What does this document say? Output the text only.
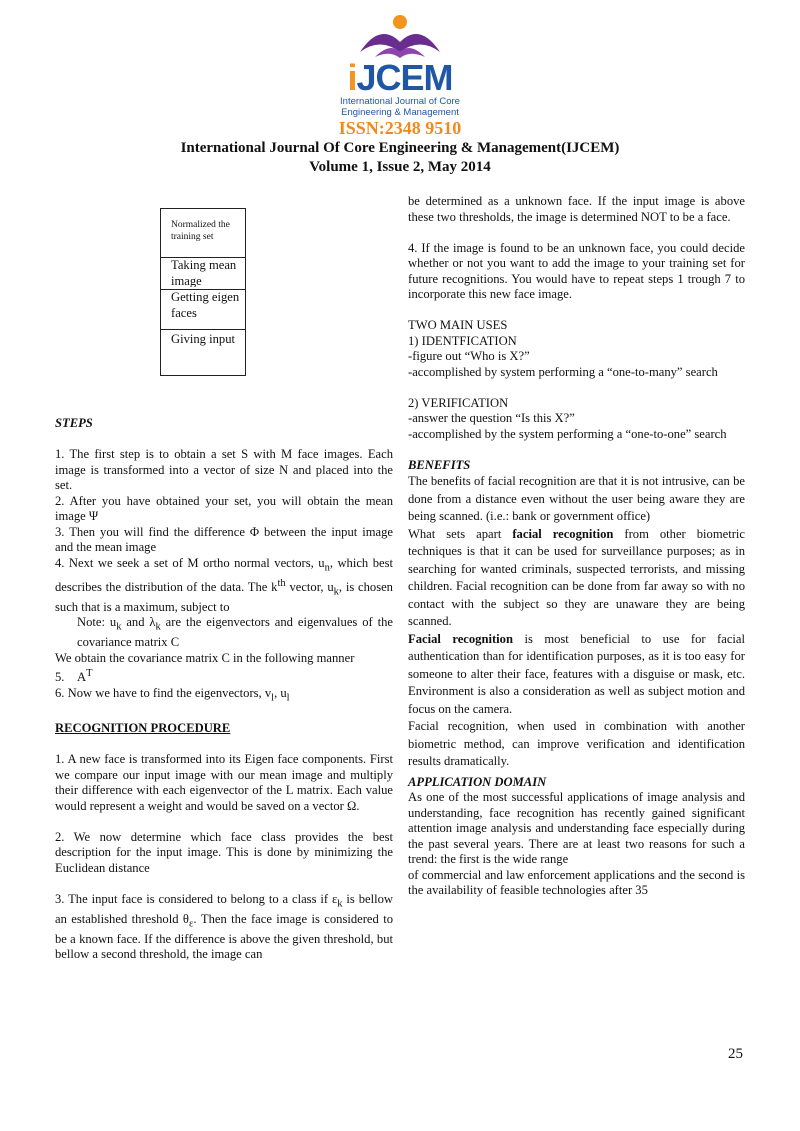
iJCEM
International Journal of Core
Engineering & Management
ISSN:2348 9510
International Journal Of Core Engineering & Management(IJCEM)
Volume 1, Issue 2, May 2014
Normalized the training set
Taking mean image
Getting eigen faces
Giving input

STEPS

1. The first step is to obtain a set S with M face images. Each image is transformed into a vector of size N and placed into the set.

2. After you have obtained your set, you will obtain the mean image Ψ

3. Then you will find the difference Φ between the input image and the mean image

4. Next we seek a set of M ortho normal vectors, $u_n$, which best describes the distribution of the data. The $k^{th}$ vector, $u_k$, is chosen such that is a maximum, subject to

Note: $u_k$ and $\lambda_k$ are the eigenvectors and eigenvalues of the covariance matrix C

We obtain the covariance matrix C in the following manner

5. $A^T$

6. Now we have to find the eigenvectors, $v_l$, $u_l$

RECOGNITION PROCEDURE

1. A new face is transformed into its Eigen face components. First we compare our input image with our mean image and multiply their difference with each eigenvector of the L matrix. Each value would represent a weight and would be saved on a vector Ω.

2. We now determine which face class provides the best description for the input image. This is done by minimizing the Euclidean distance

3. The input face is considered to belong to a class if $\varepsilon_k$ is bellow an established threshold $\theta_\varepsilon$. Then the face image is considered to be a known face. If the difference is above the given threshold, but bellow a second threshold, the image can

be determined as a unknown face. If the input image is above these two thresholds, the image is determined NOT to be a face.

4. If the image is found to be an unknown face, you could decide whether or not you want to add the image to your training set for future recognitions. You would have to repeat steps 1 trough 7 to incorporate this new face image.

TWO MAIN USES

1) IDENTFICATION

-figure out “Who is X?”

-accomplished by system performing a “one-to-many” search

2) VERIFICATION

-answer the question “Is this X?”

-accomplished by the system performing a “one-to-one” search

BENEFITS

The benefits of facial recognition are that it is not intrusive, can be done from a distance even without the user being aware they are being scanned. (i.e.: bank or government office)

What sets apart facial recognition from other biometric techniques is that it can be used for surveillance purposes; as in searching for wanted criminals, suspected terrorists, and missing children. Facial recognition can be done from far away so with no contact with the subject so they are unaware they are being scanned.

Facial recognition is most beneficial to use for facial authentication than for identification purposes, as it is too easy for someone to alter their face, features with a disguise or mask, etc. Environment is also a consideration as well as subject motion and focus on the camera.

Facial recognition, when used in combination with another biometric method, can improve verification and identification results dramatically.

APPLICATION DOMAIN

As one of the most successful applications of image analysis and understanding, face recognition has recently gained significant attention image analysis and understanding face especially during the past several years. There are at least two reasons for such a trend: the first is the wide range

of commercial and law enforcement applications and the second is the availability of feasible technologies after 35

25
